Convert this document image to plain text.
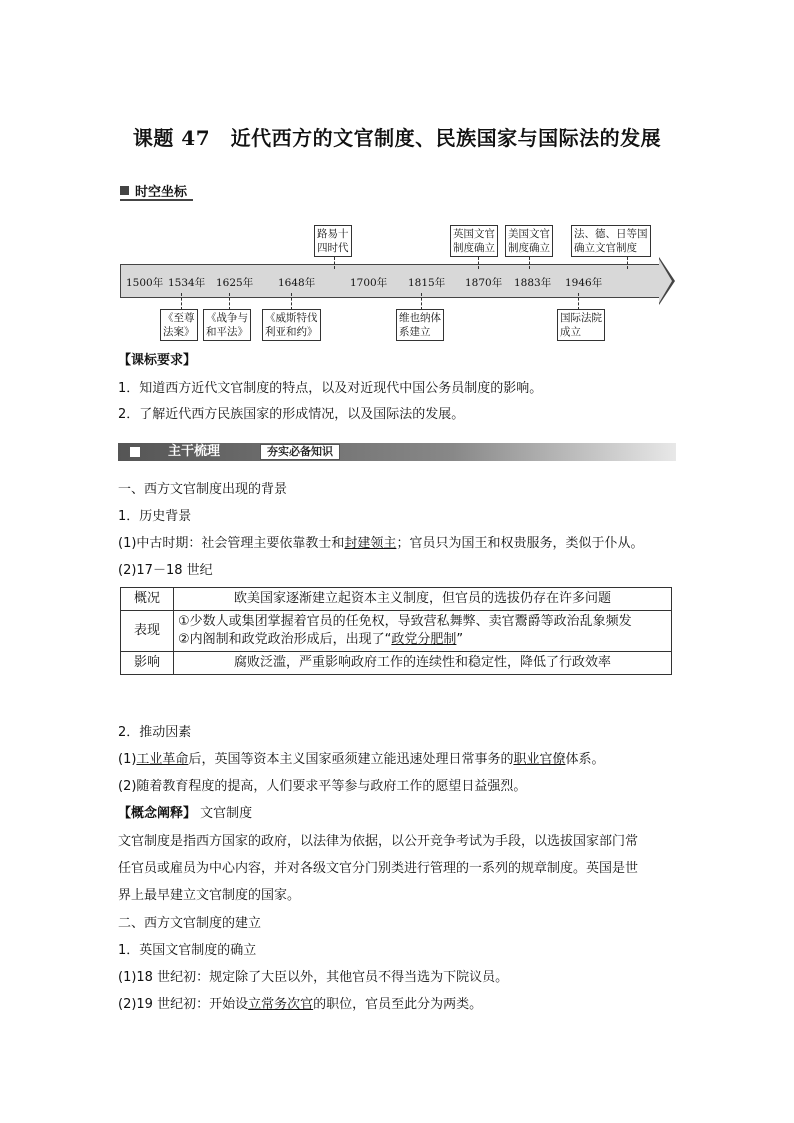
课题 47　近代西方的文官制度、民族国家与国际法的发展
时空坐标
1500年 1534年 1625年 1648年	1700年 1815年 1870年 1883年 1946年
路易十
四时代
英国文官
制度确立
美国文官
制度确立
法、德、日等国
确立文官制度
《至尊
法案》
《战争与
和平法》
《威斯特伐
利亚和约》
维也纳体
系建立
国际法院
成立
【课标要求】
1．知道西方近代文官制度的特点，以及对近现代中国公务员制度的影响。
2．了解近代西方民族国家的形成情况，以及国际法的发展。
主干梳理	夯实必备知识
一、西方文官制度出现的背景
1．历史背景
(1)中古时期：社会管理主要依靠教士和封建领主；官员只为国王和权贵服务，类似于仆从。
(2)17－18 世纪
概况	欧美国家逐渐建立起资本主义制度，但官员的选拔仍存在许多问题
表现	①少数人或集团掌握着官员的任免权，导致营私舞弊、卖官鬻爵等政治乱象频发
②内阁制和政党政治形成后，出现了“政党分肥制”

影响	腐败泛滥，严重影响政府工作的连续性和稳定性，降低了行政效率
2．推动因素
(1)工业革命后，英国等资本主义国家亟须建立能迅速处理日常事务的职业官僚体系。
(2)随着教育程度的提高，人们要求平等参与政府工作的愿望日益强烈。
【概念阐释】 文官制度
文官制度是指西方国家的政府，以法律为依据，以公开竞争考试为手段，以选拔国家部门常
任官员或雇员为中心内容，并对各级文官分门别类进行管理的一系列的规章制度。英国是世
界上最早建立文官制度的国家。
二、西方文官制度的建立
1．英国文官制度的确立
(1)18 世纪初：规定除了大臣以外，其他官员不得当选为下院议员。
(2)19 世纪初：开始设立常务次官的职位，官员至此分为两类。
